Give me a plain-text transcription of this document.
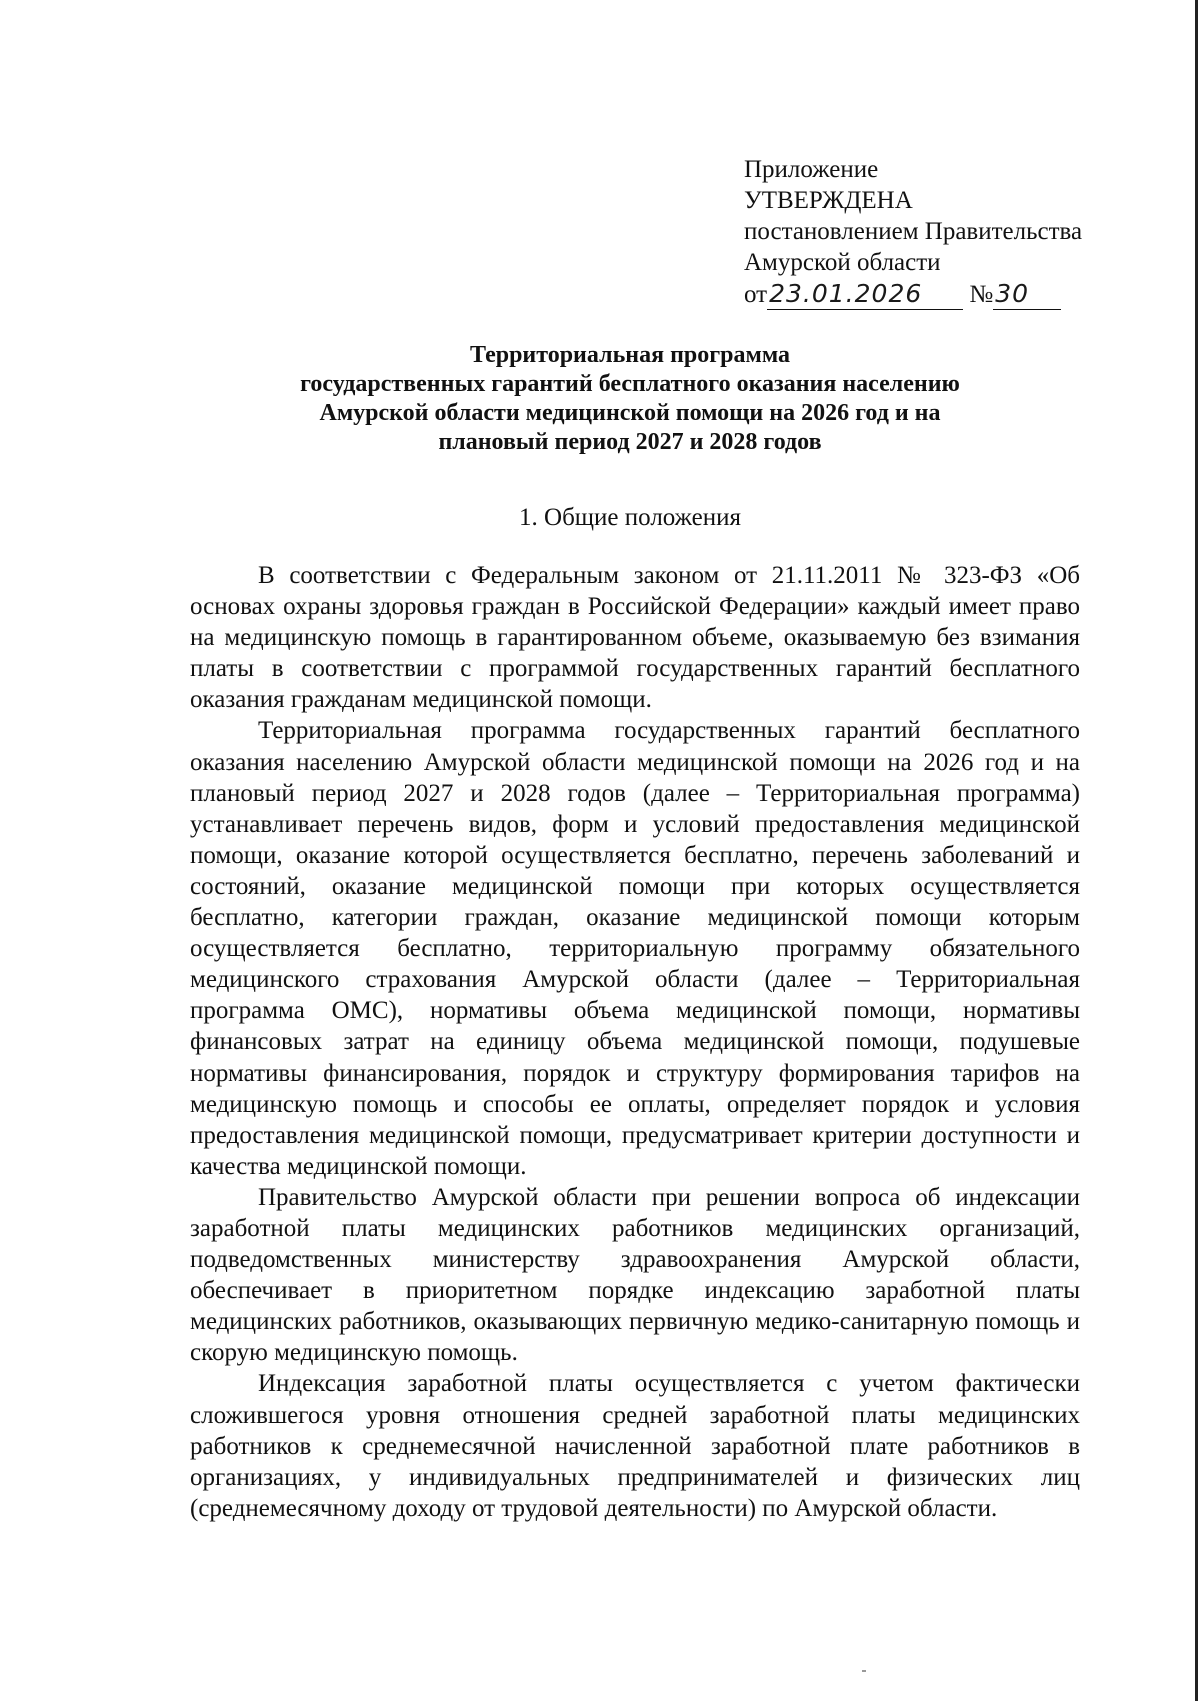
Приложение
УТВЕРЖДЕНА
постановлением Правительства
Амурской области
от23.01.2026 №30
Территориальная программа
государственных гарантий бесплатного оказания населению
Амурской области медицинской помощи на 2026 год и на
плановый период 2027 и 2028 годов
1. Общие положения

В соответствии с Федеральным законом от 21.11.2011 № 323-ФЗ «Об основах охраны здоровья граждан в Российской Федерации» каждый имеет право на медицинскую помощь в гарантированном объеме, оказываемую без взимания платы в соответствии с программой государственных гарантий бесплатного оказания гражданам медицинской помощи.

Территориальная программа государственных гарантий бесплатного оказания населению Амурской области медицинской помощи на 2026 год и на плановый период 2027 и 2028 годов (далее – Территориальная программа) устанавливает перечень видов, форм и условий предоставления медицинской помощи, оказание которой осуществляется бесплатно, перечень заболеваний и состояний, оказание медицинской помощи при которых осуществляется бесплатно, категории граждан, оказание медицинской помощи которым осуществляется бесплатно, территориальную программу обязательного медицинского страхования Амурской области (далее – Территориальная программа ОМС), нормативы объема медицинской помощи, нормативы финансовых затрат на единицу объема медицинской помощи, подушевые нормативы финансирования, порядок и структуру формирования тарифов на медицинскую помощь и способы ее оплаты, определяет порядок и условия предоставления медицинской помощи, предусматривает критерии доступности и качества медицинской помощи.

Правительство Амурской области при решении вопроса об индексации заработной платы медицинских работников медицинских организаций, подведомственных министерству здравоохранения Амурской области, обеспечивает в приоритетном порядке индексацию заработной платы медицинских работников, оказывающих первичную медико-санитарную помощь и скорую медицинскую помощь.

Индексация заработной платы осуществляется с учетом фактически сложившегося уровня отношения средней заработной платы медицинских работников к среднемесячной начисленной заработной плате работников в организациях, у индивидуальных предпринимателей и физических лиц (среднемесячному доходу от трудовой деятельности) по Амурской области.
